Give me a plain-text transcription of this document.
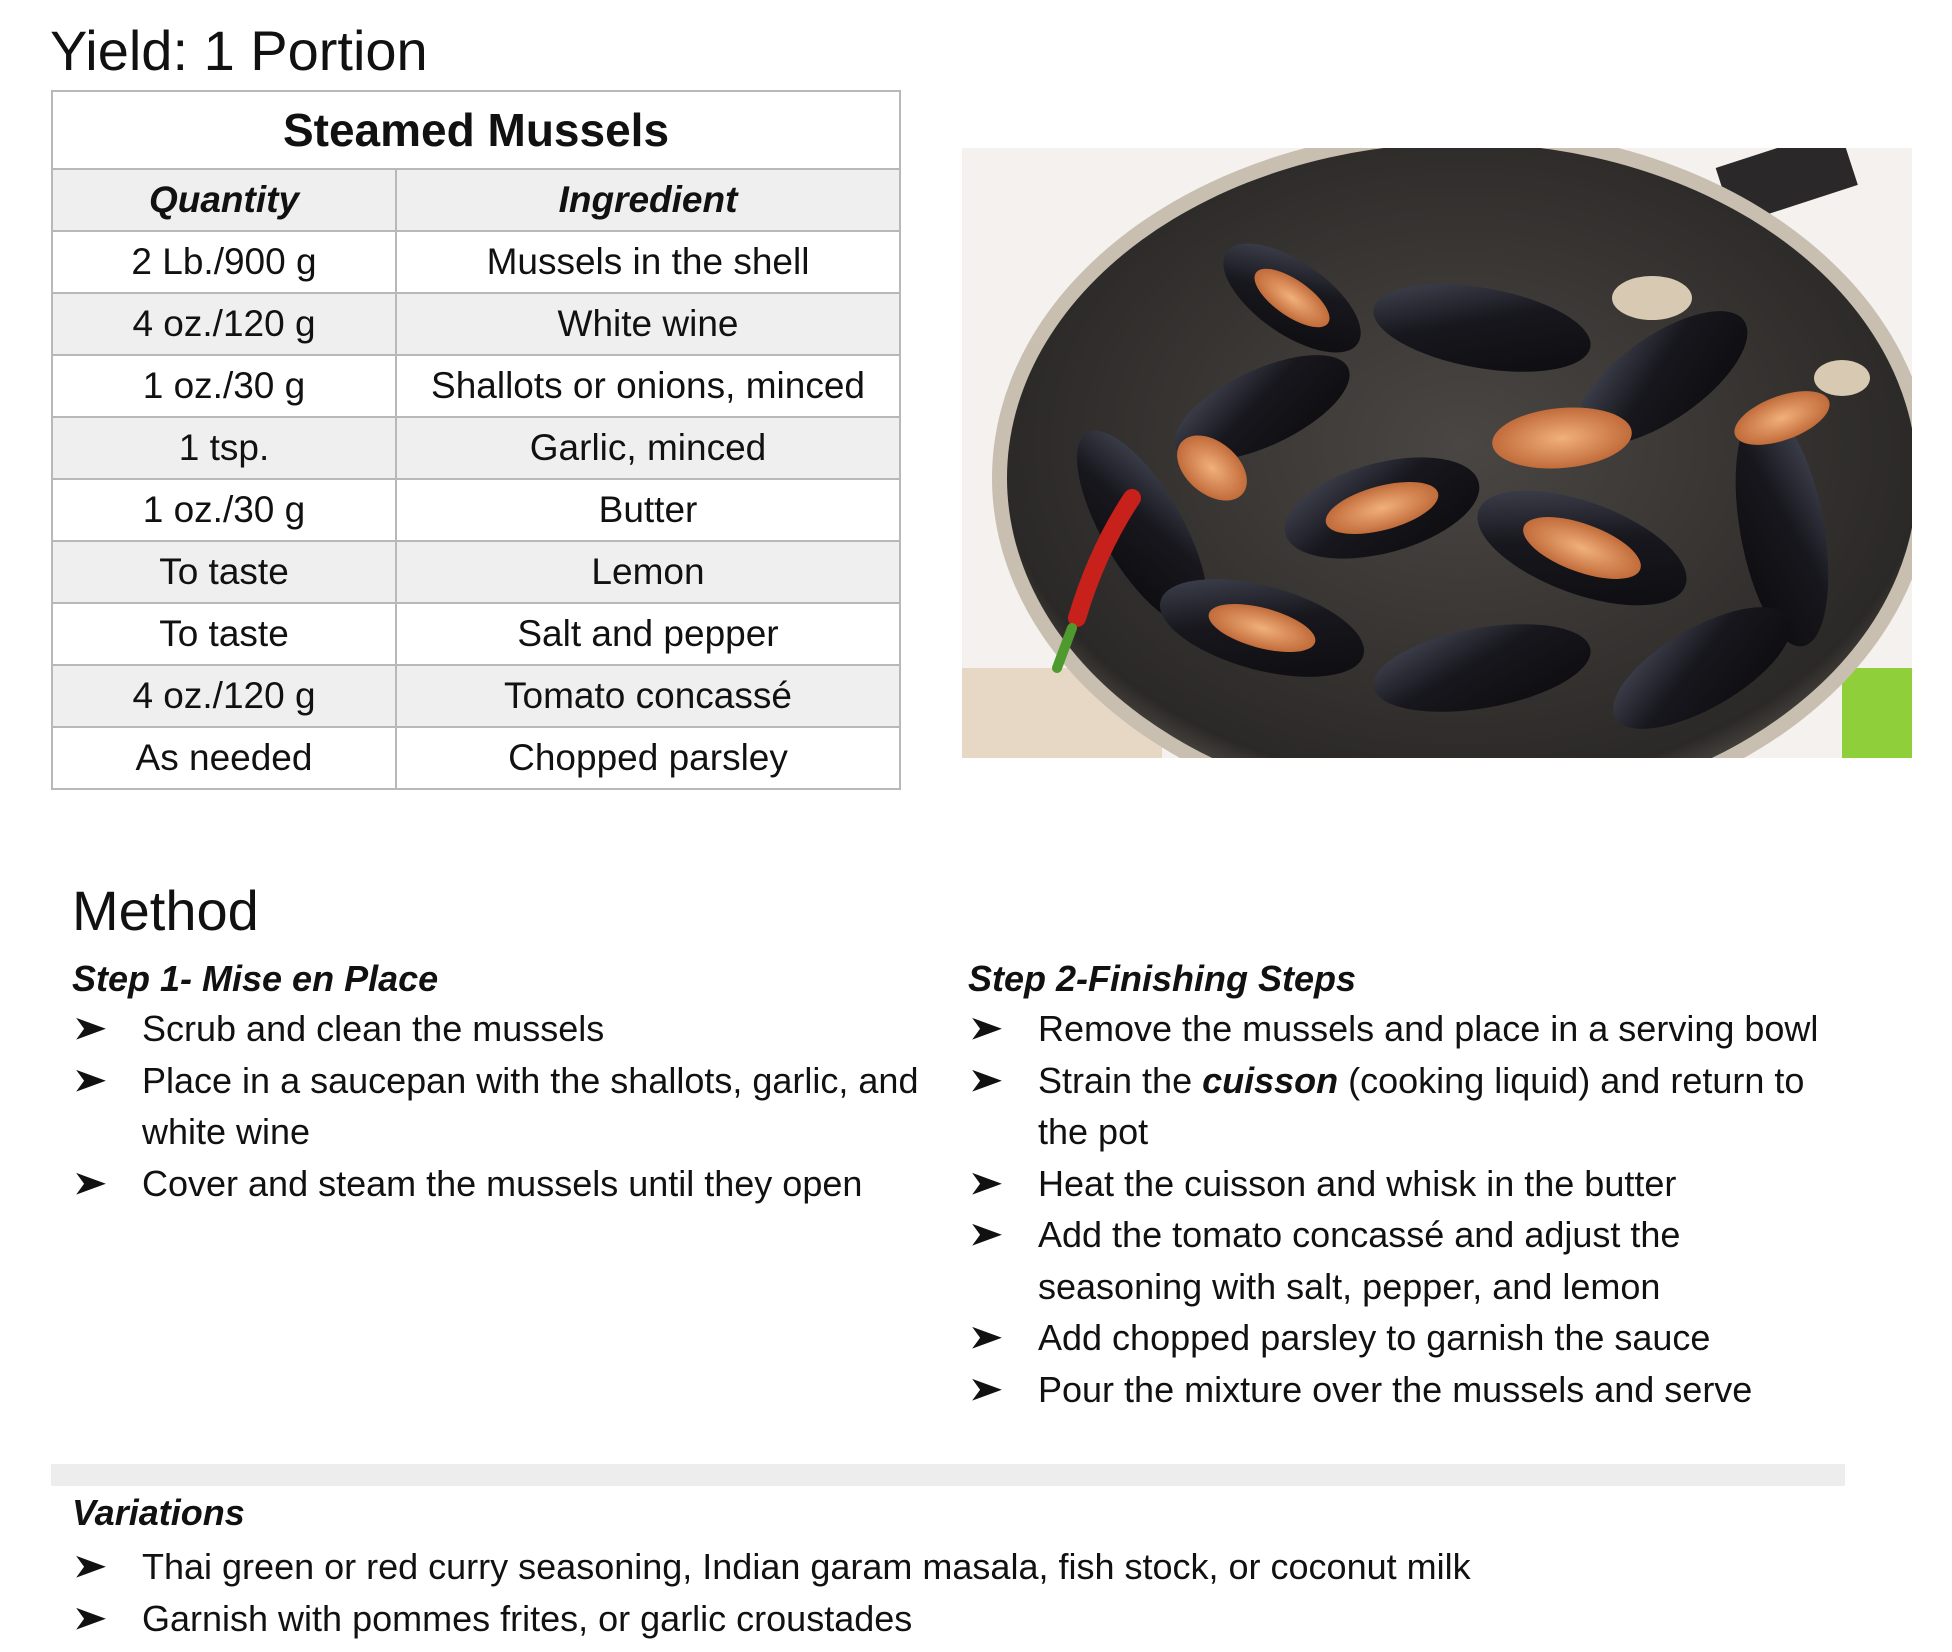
Yield: 1 Portion
Steamed Mussels	
Quantity	Ingredient
2 Lb./900 g	Mussels in the shell
4 oz./120 g	White wine
1 oz./30 g	Shallots or onions, minced
1 tsp.	Garlic, minced
1 oz./30 g	Butter
To taste	Lemon
To taste	Salt and pepper
4 oz./120 g	Tomato concassé
As needed	Chopped parsley
Method
Step 1- Mise en Place
Scrub and clean the mussels
Place in a saucepan with the shallots, garlic, and white wine
Cover and steam the mussels until they open
Step 2-Finishing Steps
Remove the mussels and place in a serving bowl
Strain the cuisson (cooking liquid) and return to the pot
Heat the cuisson and whisk in the butter
Add the tomato concassé and adjust the seasoning with salt, pepper, and lemon
Add chopped parsley to garnish the sauce
Pour the mixture over the mussels and serve
Variations
Thai green or red curry seasoning, Indian garam masala, fish stock, or coconut milk
Garnish with pommes frites, or garlic croustades
